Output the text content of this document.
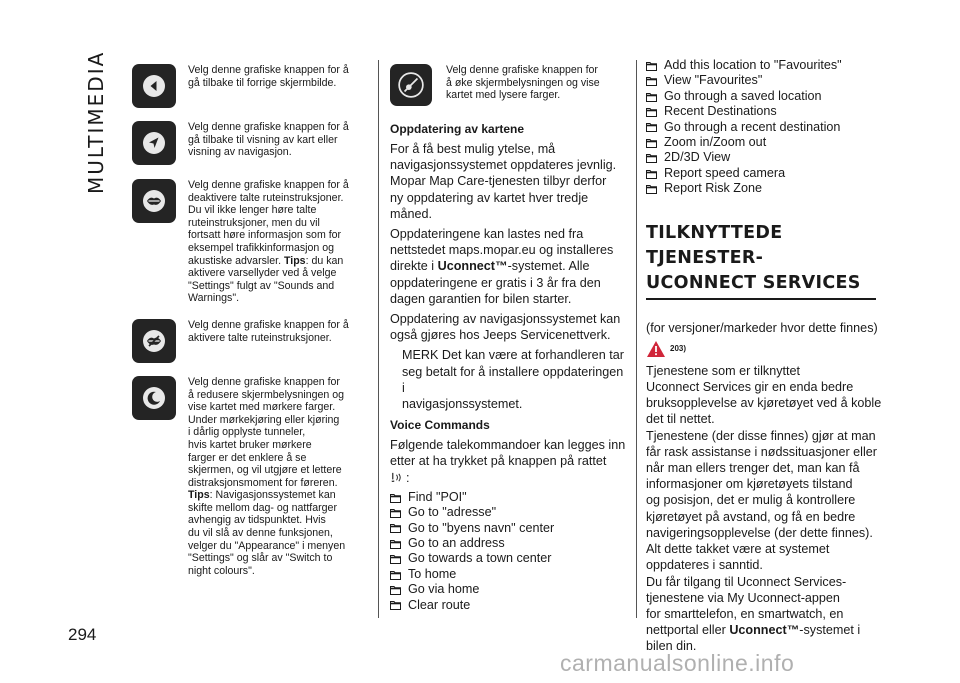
MULTIMEDIA	Velg denne grafiske knappen for å
gå tilbake til forrige skjermbilde.
Velg denne grafiske knappen for å
gå tilbake til visning av kart eller
visning av navigasjon.
Velg denne grafiske knappen for å
deaktivere talte ruteinstruksjoner.
Du vil ikke lenger høre talte
ruteinstruksjoner, men du vil
fortsatt høre informasjon som for
eksempel trafikkinformasjon og
akustiske advarsler. Tips: du kan
aktivere varsellyder ved å velge
"Settings" fulgt av "Sounds and
Warnings".
Velg denne grafiske knappen for å
aktivere talte ruteinstruksjoner.
Velg denne grafiske knappen for
å redusere skjermbelysningen og
vise kartet med mørkere farger.
Under mørkekjøring eller kjøring
i dårlig opplyste tunneler,
hvis kartet bruker mørkere
farger er det enklere å se
skjermen, og vil utgjøre et lettere
distraksjonsmoment for føreren.
Tips: Navigasjonssystemet kan
skifte mellom dag- og nattfarger
avhengig av tidspunktet. Hvis
du vil slå av denne funksjonen,
velger du "Appearance" i menyen
"Settings" og slår av "Switch to
night colours".
Velg denne grafiske knappen for
å øke skjermbelysningen og vise
kartet med lysere farger.
Oppdatering av kartene
For å få best mulig ytelse, må
navigasjonssystemet oppdateres jevnlig.
Mopar Map Care-tjenesten tilbyr derfor
ny oppdatering av kartet hver tredje
måned.
Oppdateringene kan lastes ned fra
nettstedet maps.mopar.eu og installeres
direkte i Uconnect™-systemet. Alle
oppdateringene er gratis i 3 år fra den
dagen garantien for bilen starter.
Oppdatering av navigasjonssystemet kan
også gjøres hos Jeeps Servicenettverk.
MERK Det kan være at forhandleren tar
seg betalt for å installere oppdateringen i
navigasjonssystemet.
Voice Commands
Følgende talekommandoer kan legges inn
etter at ha trykket på knappen på rattet
:
Find "POI"
Go to "adresse"
Go to "byens navn" center
Go to an address
Go towards a town center
To home
Go via home
Clear route
Add this location to "Favourites"
View "Favourites"
Go through a saved location
Recent Destinations
Go through a recent destination
Zoom in/Zoom out
2D/3D View
Report speed camera
Report Risk Zone
TILKNYTTEDE TJENESTER-
UCONNECT SERVICES
(for versjoner/markeder hvor dette finnes)
203)
Tjenestene som er tilknyttet
Uconnect Services gir en enda bedre
bruksopplevelse av kjøretøyet ved å koble
det til nettet.
Tjenestene (der disse finnes) gjør at man
får rask assistanse i nødssituasjoner eller
når man ellers trenger det, man kan få
informasjoner om kjøretøyets tilstand
og posisjon, det er mulig å kontrollere
kjøretøyet på avstand, og få en bedre
navigeringsopplevelse (der dette finnes).
Alt dette takket være at systemet
oppdateres i sanntid.
Du får tilgang til Uconnect Services-
tjenestene via My Uconnect-appen
for smarttelefon, en smartwatch, en
nettportal eller Uconnect™-systemet i
bilen din.
294
carmanualsonline.info
